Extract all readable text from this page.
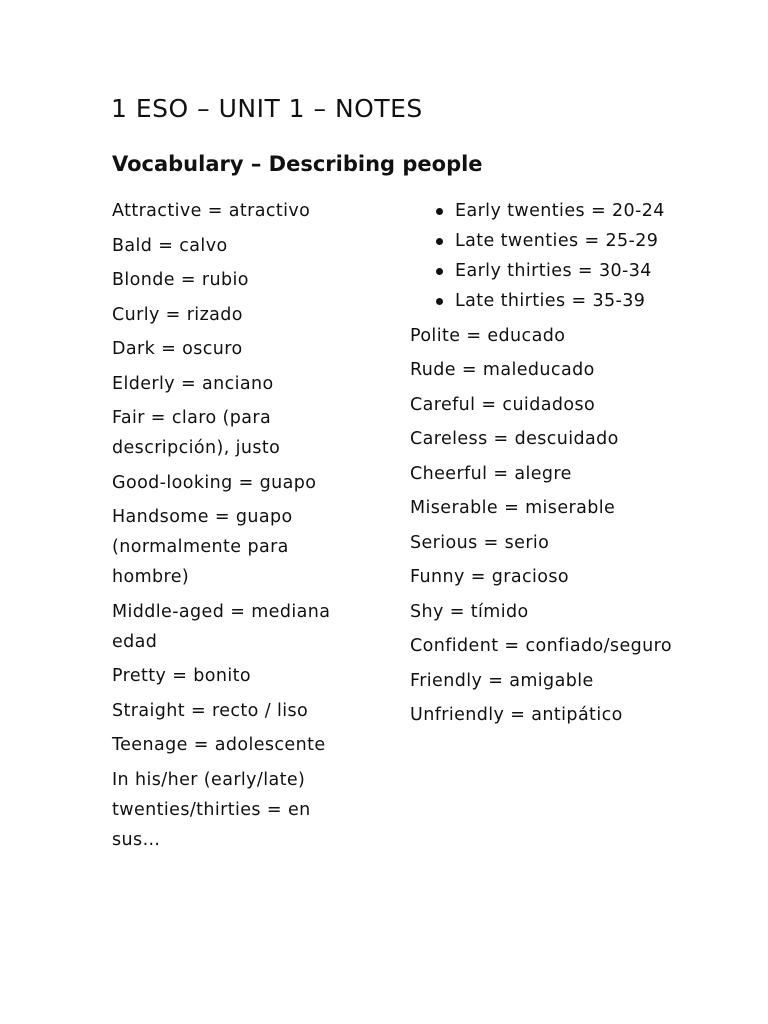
1 ESO – UNIT 1 – NOTES
Vocabulary – Describing people

Attractive = atractivo

Bald = calvo

Blonde = rubio

Curly = rizado

Dark = oscuro

Elderly = anciano

Fair = claro (para descripción), justo

Good-looking = guapo

Handsome = guapo (normalmente para hombre)

Middle-aged = mediana edad

Pretty = bonito

Straight = recto / liso

Teenage = adolescente

In his/her (early/late) twenties/thirties = en sus…

Early twenties = 20-24
Late twenties = 25-29
Early thirties = 30-34
Late thirties = 35-39

Polite = educado

Rude = maleducado

Careful = cuidadoso

Careless = descuidado

Cheerful = alegre

Miserable = miserable

Serious = serio

Funny = gracioso

Shy = tímido

Confident = confiado/seguro

Friendly = amigable

Unfriendly = antipático
